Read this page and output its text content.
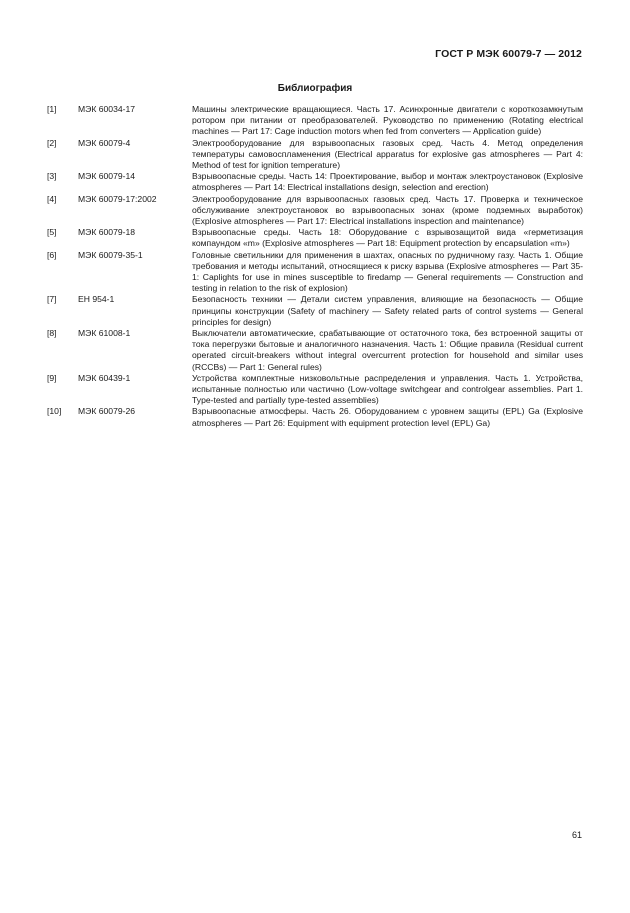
ГОСТ Р МЭК 60079-7 — 2012
Библиография
[1]	МЭК 60034-17	Машины электрические вращающиеся. Часть 17. Асинхронные двигатели с короткозамкнутым ротором при питании от преобразователей. Руководство по применению (Rotating electrical machines — Part 17: Cage induction motors when fed from converters — Application guide)
[2]	МЭК 60079-4	Электрооборудование для взрывоопасных газовых сред. Часть 4. Метод определения температуры самовоспламенения (Electrical apparatus for explosive gas atmospheres — Part 4: Method of test for ignition temperature)
[3]	МЭК 60079-14	Взрывоопасные среды. Часть 14: Проектирование, выбор и монтаж электроустановок (Explosive atmospheres — Part 14: Electrical installations design, selection and erection)
[4]	МЭК 60079-17:2002	Электрооборудование для взрывоопасных газовых сред. Часть 17. Проверка и техническое обслуживание электроустановок во взрывоопасных зонах (кроме подземных выработок) (Explosive atmospheres — Part 17: Electrical installations inspection and maintenance)
[5]	МЭК 60079-18	Взрывоопасные среды. Часть 18: Оборудование с взрывозащитой вида «герметизация компаундом «m» (Explosive atmospheres — Part 18: Equipment protection by encapsulation «m»)
[6]	МЭК 60079-35-1	Головные светильники для применения в шахтах, опасных по рудничному газу. Часть 1. Общие требования и методы испытаний, относящиеся к риску взрыва (Explosive atmospheres — Part 35-1: Caplights for use in mines susceptible to firedamp — General requirements — Construction and testing in relation to the risk of explosion)
[7]	ЕН 954-1	Безопасность техники — Детали систем управления, влияющие на безопасность — Общие принципы конструкции (Safety of machinery — Safety related parts of control systems — General principles for design)
[8]	МЭК 61008-1	Выключатели автоматические, срабатывающие от остаточного тока, без встроенной защиты от тока перегрузки бытовые и аналогичного назначения. Часть 1: Общие правила (Residual current operated circuit-breakers without integral overcurrent protection for household and similar uses (RCCBs) — Part 1: General rules)
[9]	МЭК 60439-1	Устройства комплектные низковольтные распределения и управления. Часть 1. Устройства, испытанные полностью или частично (Low-voltage switchgear and controlgear assemblies. Part 1. Type-tested and partially type-tested assemblies)
[10]	МЭК 60079-26	Взрывоопасные атмосферы. Часть 26. Оборудованием с уровнем защиты (EPL) Ga (Explosive atmospheres — Part 26: Equipment with equipment protection level (EPL) Ga)
61
